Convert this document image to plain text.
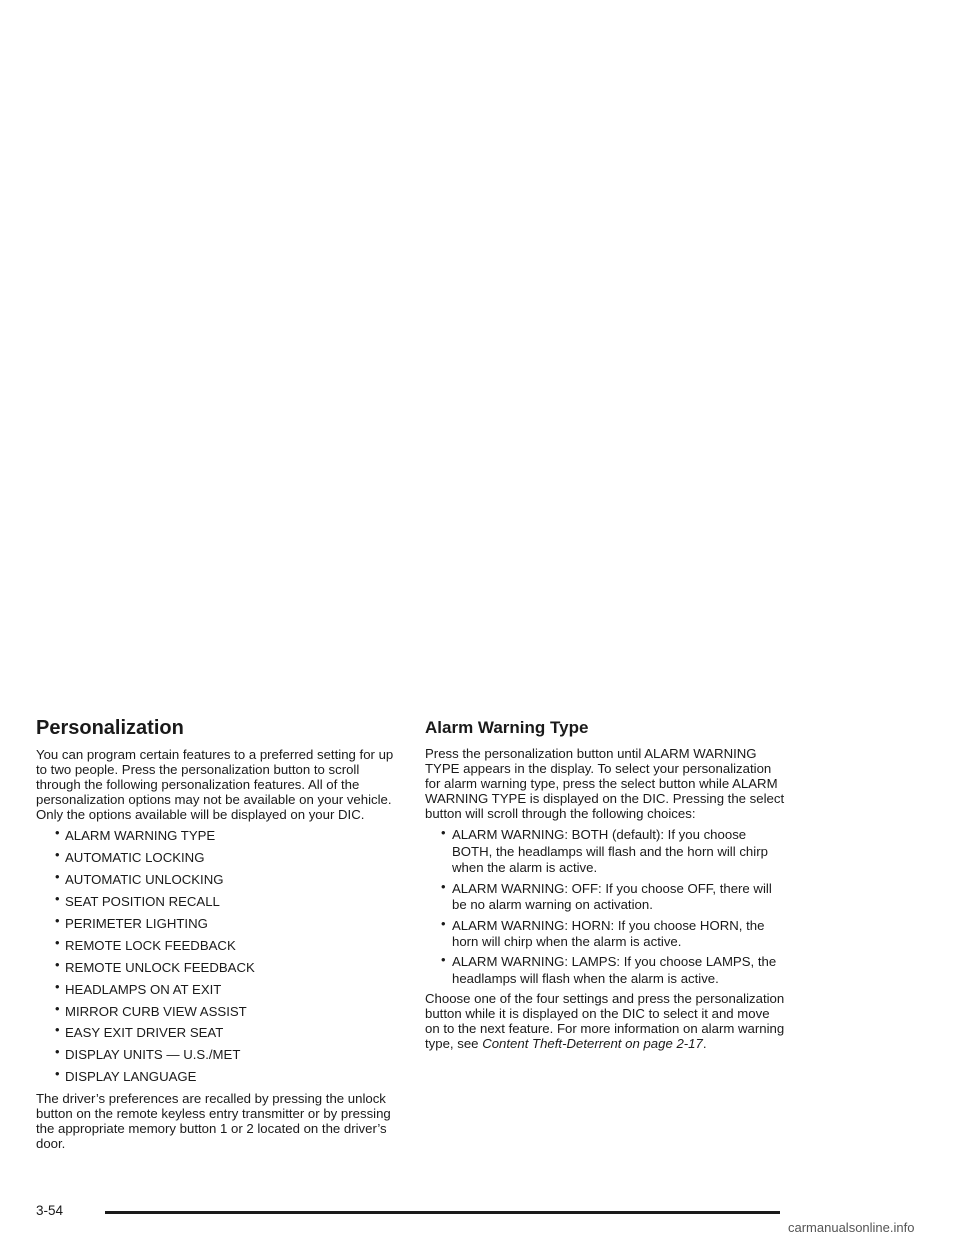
Personalization

You can program certain features to a preferred setting for up to two people. Press the personalization button to scroll through the following personalization features. All of the personalization options may not be available on your vehicle. Only the options available will be displayed on your DIC.

• ALARM WARNING TYPE
• AUTOMATIC LOCKING
• AUTOMATIC UNLOCKING
• SEAT POSITION RECALL
• PERIMETER LIGHTING
• REMOTE LOCK FEEDBACK
• REMOTE UNLOCK FEEDBACK
• HEADLAMPS ON AT EXIT
• MIRROR CURB VIEW ASSIST
• EASY EXIT DRIVER SEAT
• DISPLAY UNITS — U.S./MET
• DISPLAY LANGUAGE

The driver’s preferences are recalled by pressing the unlock button on the remote keyless entry transmitter or by pressing the appropriate memory button 1 or 2 located on the driver’s door.

Alarm Warning Type

Press the personalization button until ALARM WARNING TYPE appears in the display. To select your personalization for alarm warning type, press the select button while ALARM WARNING TYPE is displayed on the DIC. Pressing the select button will scroll through the following choices:

• ALARM WARNING: BOTH (default): If you choose BOTH, the headlamps will flash and the horn will chirp when the alarm is active.
• ALARM WARNING: OFF: If you choose OFF, there will be no alarm warning on activation.
• ALARM WARNING: HORN: If you choose HORN, the horn will chirp when the alarm is active.
• ALARM WARNING: LAMPS: If you choose LAMPS, the headlamps will flash when the alarm is active.

Choose one of the four settings and press the personalization button while it is displayed on the DIC to select it and move on to the next feature. For more information on alarm warning type, see Content Theft-Deterrent on page 2-17.

3-54
carmanualsonline.info
